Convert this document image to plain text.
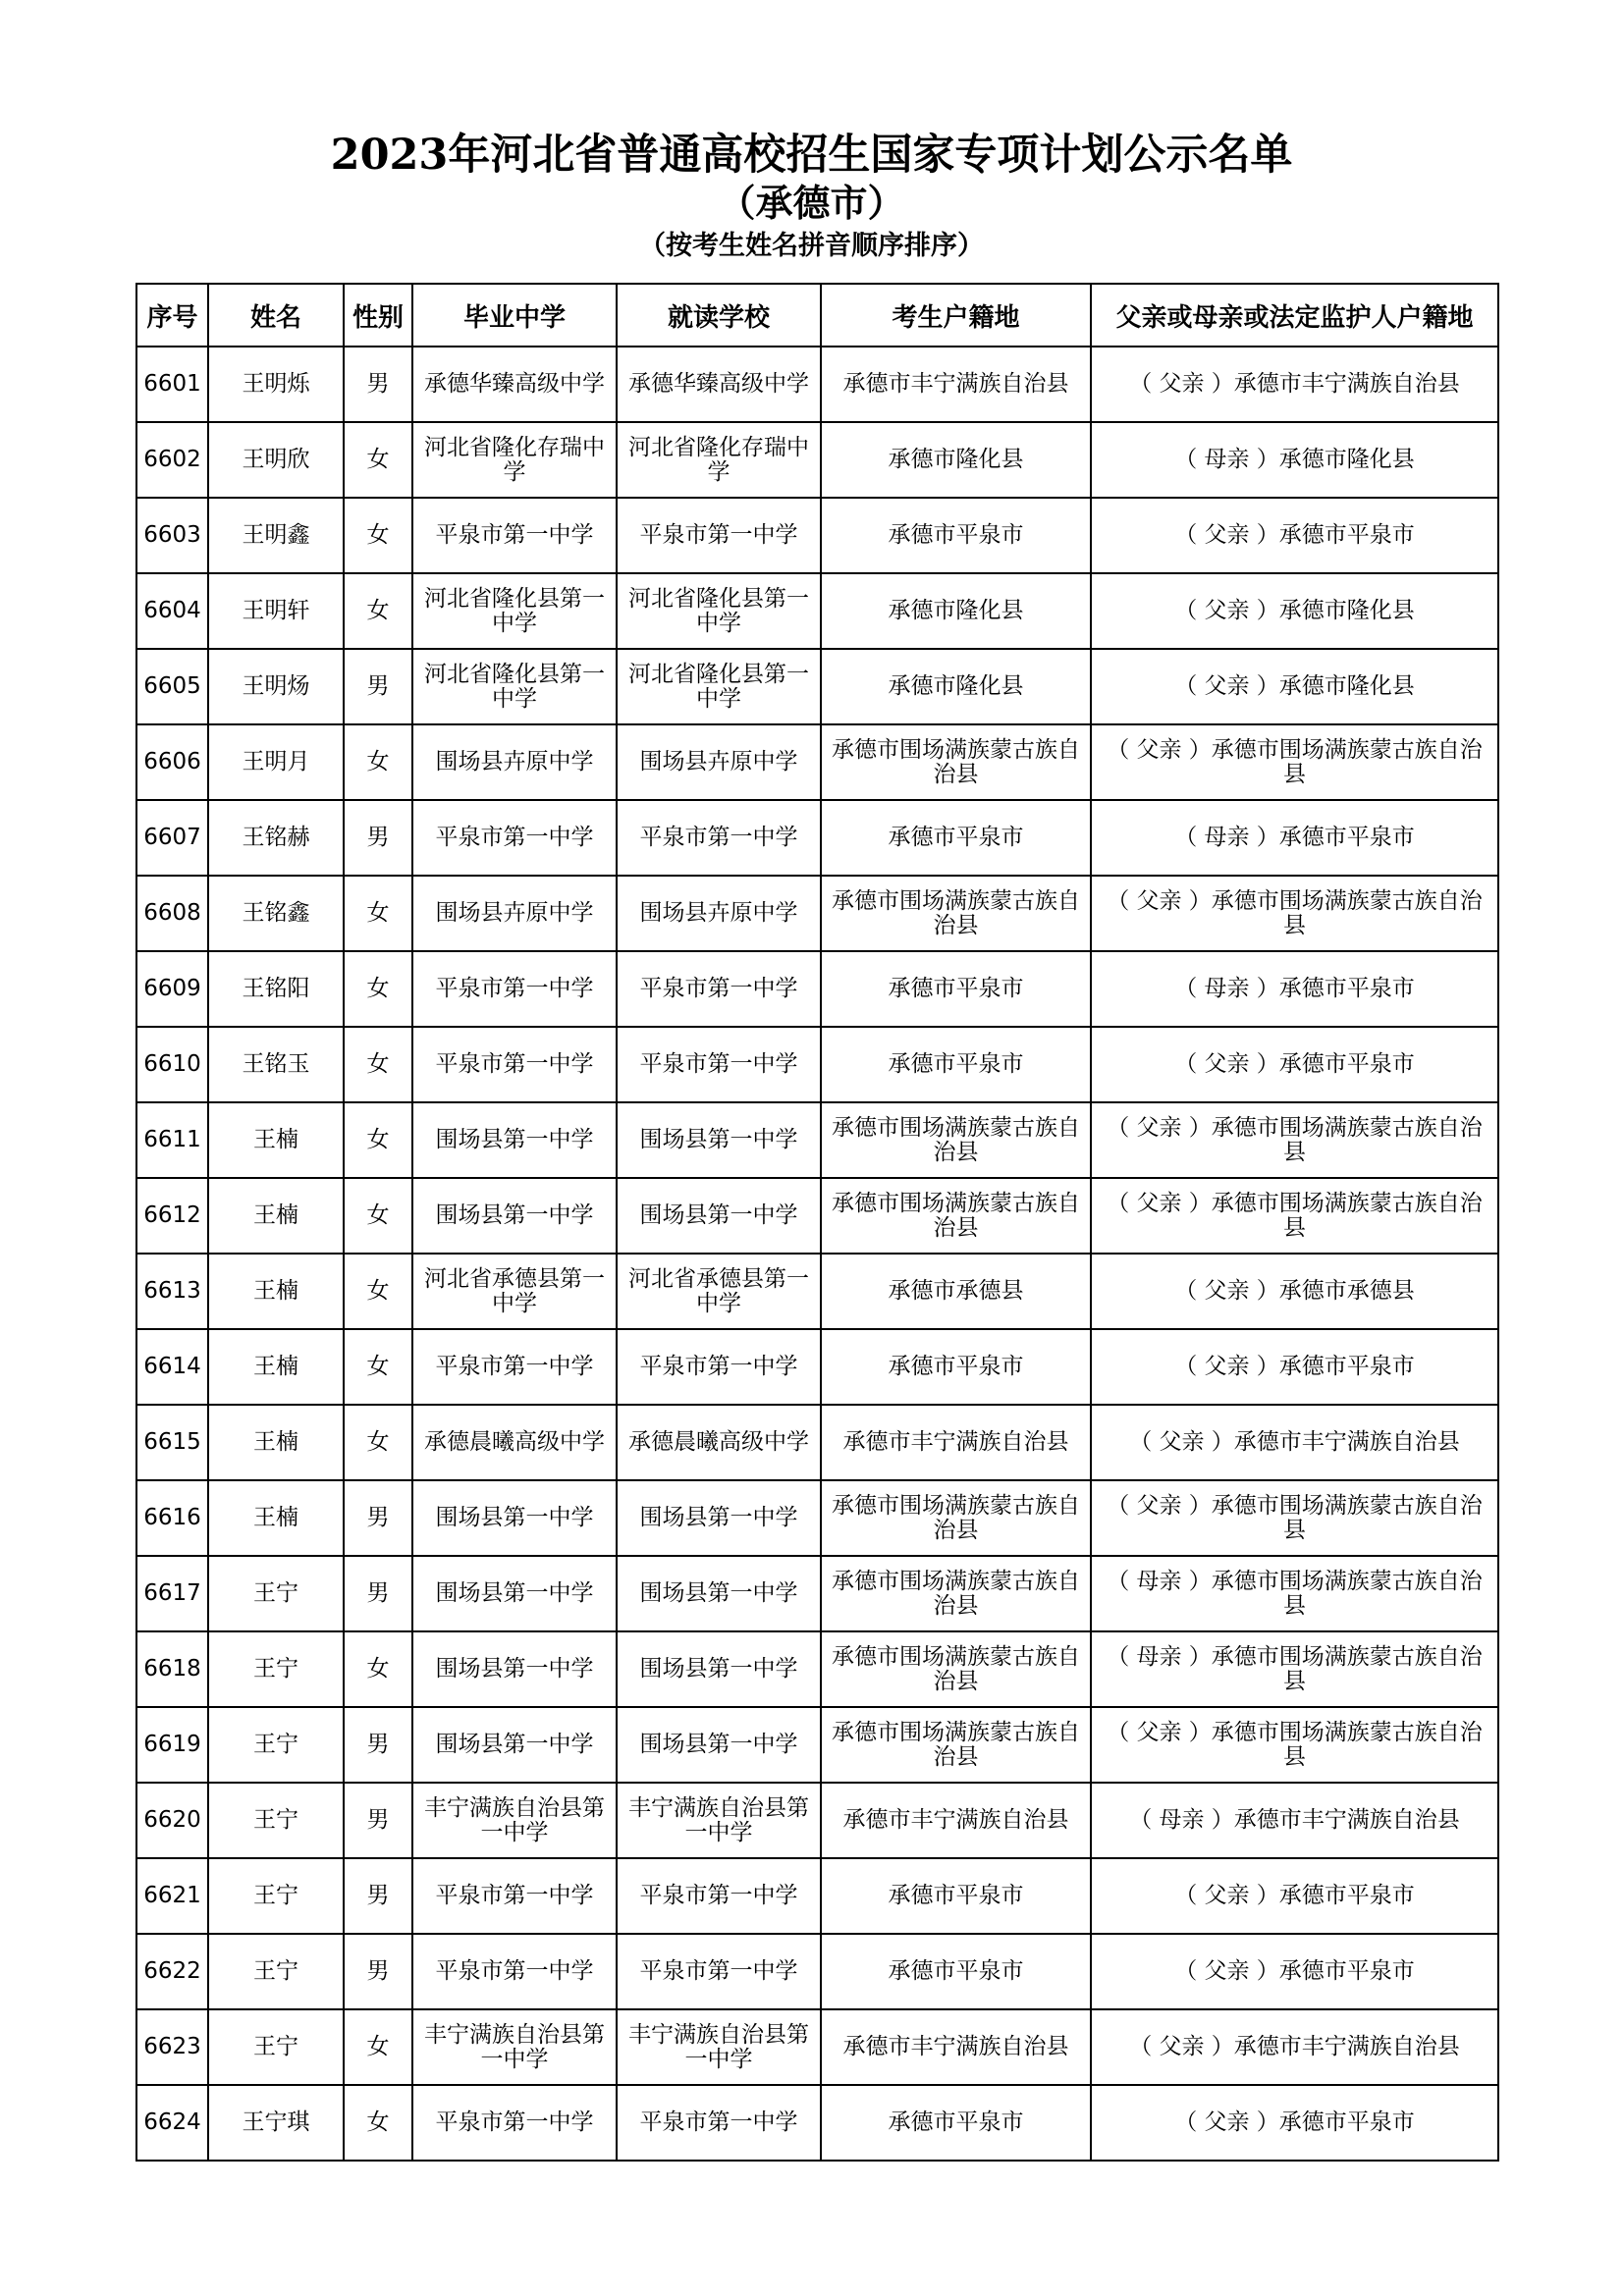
2023年河北省普通高校招生国家专项计划公示名单
（承德市）
（按考生姓名拼音顺序排序）
序号	姓名	性别	毕业中学	就读学校	考生户籍地	父亲或母亲或法定监护人户籍地
6601	王明烁	男	承德华臻高级中学	承德华臻高级中学	承德市丰宁满族自治县	（ 父亲 ）承德市丰宁满族自治县
6602	王明欣	女	河北省隆化存瑞中学	河北省隆化存瑞中学	承德市隆化县	（ 母亲 ）承德市隆化县
6603	王明鑫	女	平泉市第一中学	平泉市第一中学	承德市平泉市	（ 父亲 ）承德市平泉市
6604	王明轩	女	河北省隆化县第一中学	河北省隆化县第一中学	承德市隆化县	（ 父亲 ）承德市隆化县
6605	王明炀	男	河北省隆化县第一中学	河北省隆化县第一中学	承德市隆化县	（ 父亲 ）承德市隆化县
6606	王明月	女	围场县卉原中学	围场县卉原中学	承德市围场满族蒙古族自治县	（ 父亲 ）承德市围场满族蒙古族自治县
6607	王铭赫	男	平泉市第一中学	平泉市第一中学	承德市平泉市	（ 母亲 ）承德市平泉市
6608	王铭鑫	女	围场县卉原中学	围场县卉原中学	承德市围场满族蒙古族自治县	（ 父亲 ）承德市围场满族蒙古族自治县
6609	王铭阳	女	平泉市第一中学	平泉市第一中学	承德市平泉市	（ 母亲 ）承德市平泉市
6610	王铭玉	女	平泉市第一中学	平泉市第一中学	承德市平泉市	（ 父亲 ）承德市平泉市
6611	王楠	女	围场县第一中学	围场县第一中学	承德市围场满族蒙古族自治县	（ 父亲 ）承德市围场满族蒙古族自治县
6612	王楠	女	围场县第一中学	围场县第一中学	承德市围场满族蒙古族自治县	（ 父亲 ）承德市围场满族蒙古族自治县
6613	王楠	女	河北省承德县第一中学	河北省承德县第一中学	承德市承德县	（ 父亲 ）承德市承德县
6614	王楠	女	平泉市第一中学	平泉市第一中学	承德市平泉市	（ 父亲 ）承德市平泉市
6615	王楠	女	承德晨曦高级中学	承德晨曦高级中学	承德市丰宁满族自治县	（ 父亲 ）承德市丰宁满族自治县
6616	王楠	男	围场县第一中学	围场县第一中学	承德市围场满族蒙古族自治县	（ 父亲 ）承德市围场满族蒙古族自治县
6617	王宁	男	围场县第一中学	围场县第一中学	承德市围场满族蒙古族自治县	（ 母亲 ）承德市围场满族蒙古族自治县
6618	王宁	女	围场县第一中学	围场县第一中学	承德市围场满族蒙古族自治县	（ 母亲 ）承德市围场满族蒙古族自治县
6619	王宁	男	围场县第一中学	围场县第一中学	承德市围场满族蒙古族自治县	（ 父亲 ）承德市围场满族蒙古族自治县
6620	王宁	男	丰宁满族自治县第一中学	丰宁满族自治县第一中学	承德市丰宁满族自治县	（ 母亲 ）承德市丰宁满族自治县
6621	王宁	男	平泉市第一中学	平泉市第一中学	承德市平泉市	（ 父亲 ）承德市平泉市
6622	王宁	男	平泉市第一中学	平泉市第一中学	承德市平泉市	（ 父亲 ）承德市平泉市
6623	王宁	女	丰宁满族自治县第一中学	丰宁满族自治县第一中学	承德市丰宁满族自治县	（ 父亲 ）承德市丰宁满族自治县
6624	王宁琪	女	平泉市第一中学	平泉市第一中学	承德市平泉市	（ 父亲 ）承德市平泉市
